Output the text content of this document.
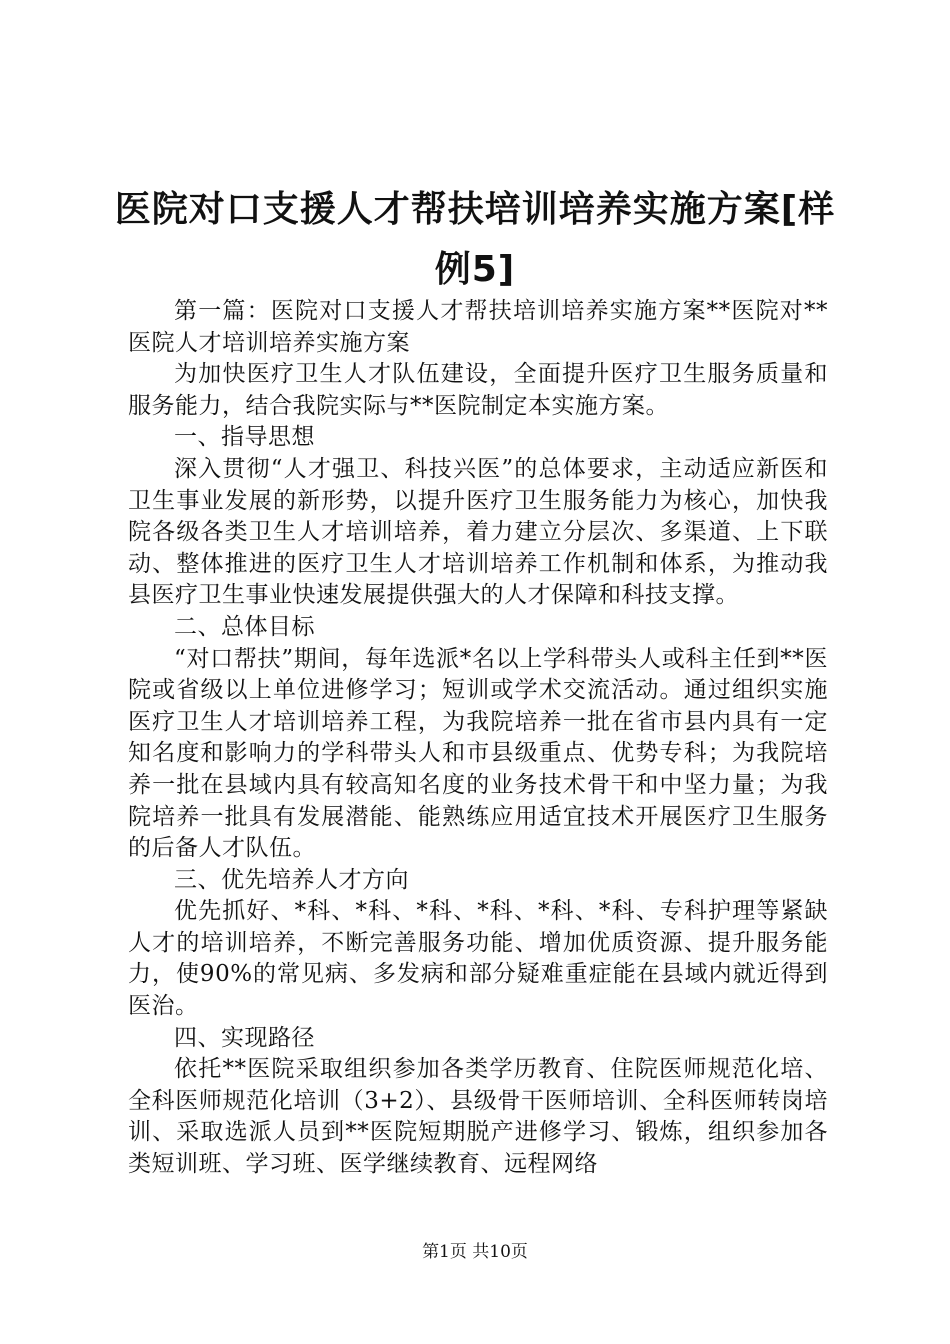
医院对口支援人才帮扶培训培养实施方案[样例5]

第一篇：医院对口支援人才帮扶培训培养实施方案**医院对**医院人才培训培养实施方案

为加快医疗卫生人才队伍建设，全面提升医疗卫生服务质量和服务能力，结合我院实际与**医院制定本实施方案。

一、指导思想

深入贯彻“人才强卫、科技兴医”的总体要求，主动适应新医和卫生事业发展的新形势，以提升医疗卫生服务能力为核心，加快我院各级各类卫生人才培训培养，着力建立分层次、多渠道、上下联动、整体推进的医疗卫生人才培训培养工作机制和体系，为推动我县医疗卫生事业快速发展提供强大的人才保障和科技支撑。

二、总体目标

“对口帮扶”期间，每年选派*名以上学科带头人或科主任到**医院或省级以上单位进修学习；短训或学术交流活动。通过组织实施医疗卫生人才培训培养工程，为我院培养一批在省市县内具有一定知名度和影响力的学科带头人和市县级重点、优势专科；为我院培养一批在县域内具有较高知名度的业务技术骨干和中坚力量；为我院培养一批具有发展潜能、能熟练应用适宜技术开展医疗卫生服务的后备人才队伍。

三、优先培养人才方向

优先抓好、*科、*科、*科、*科、*科、*科、专科护理等紧缺人才的培训培养，不断完善服务功能、增加优质资源、提升服务能力，使90%的常见病、多发病和部分疑难重症能在县域内就近得到医治。

四、实现路径

依托**医院采取组织参加各类学历教育、住院医师规范化培、全科医师规范化培训（3+2）、县级骨干医师培训、全科医师转岗培训、采取选派人员到**医院短期脱产进修学习、锻炼，组织参加各类短训班、学习班、医学继续教育、远程网络

第1页 共10页
